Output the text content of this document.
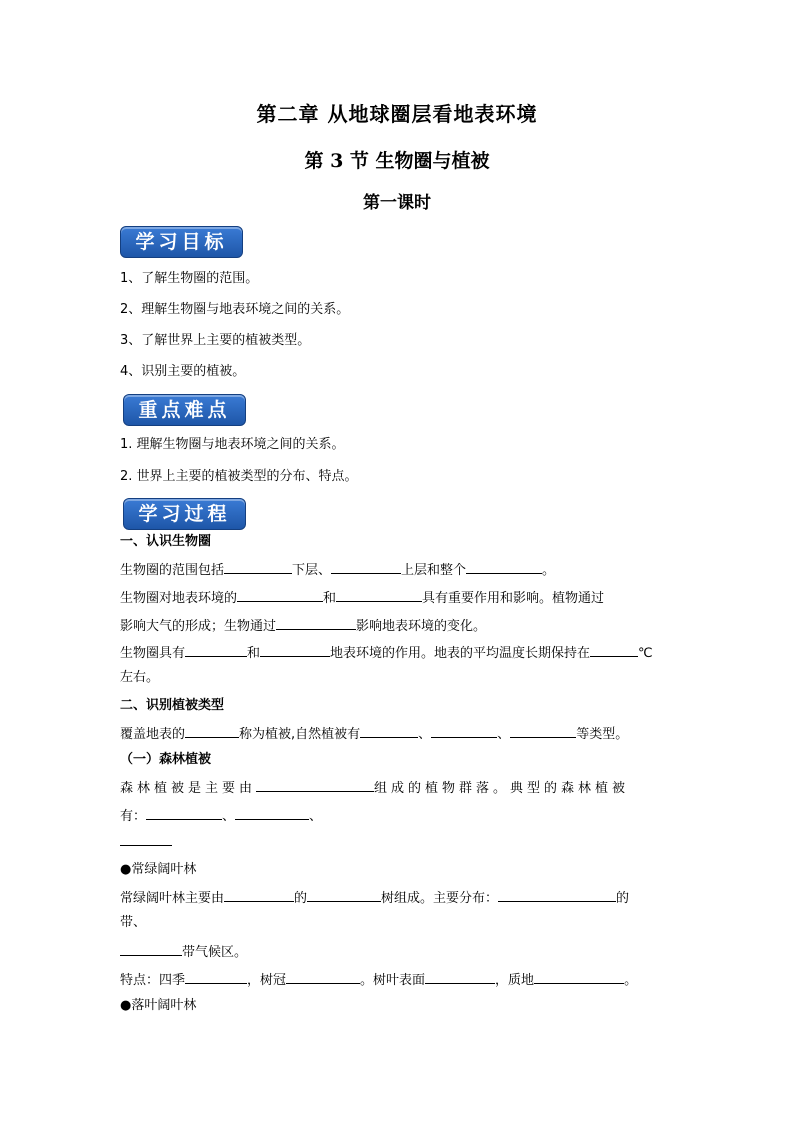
第二章 从地球圈层看地表环境
第 3 节 生物圈与植被
第一课时
学习目标
1、了解生物圈的范围。
2、理解生物圈与地表环境之间的关系。
3、了解世界上主要的植被类型。
4、识别主要的植被。
重点难点
1. 理解生物圈与地表环境之间的关系。
2. 世界上主要的植被类型的分布、特点。
学习过程
一、认识生物圈
生物圈的范围包括	下层、	上层和整个	。
生物圈对地表环境的	和	具有重要作用和影响。植物通过
影响大气的形成；生物通过	影响地表环境的变化。
生物圈具有	和	地表环境的作用。地表的平均温度长期保持在	℃
左右。
二、识别植被类型
覆盖地表的	称为植被,自然植被有	、	、	等类型。
（一）森林植被
森林植被是主要由	组成的植物群落。典型的森林植被
有：	、	、
●常绿阔叶林
常绿阔叶林主要由	的	树组成。主要分布：	的
带、
带气候区。
特点：四季	，树冠	。树叶表面	，质地	。
●落叶阔叶林
